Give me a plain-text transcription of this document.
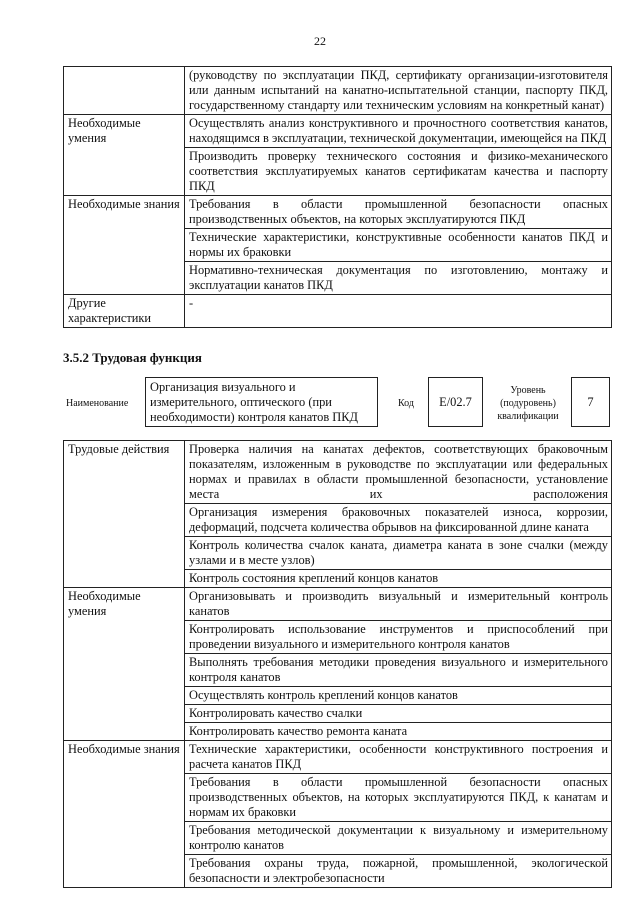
22
	(руководству по эксплуатации ПКД, сертификату организации-изготовителя или данным испытаний на канатно-испытательной станции, паспорту ПКД, государственному стандарту или техническим условиям на конкретный канат)
Необходимые умения	Осуществлять анализ конструктивного и прочностного соответствия канатов, находящимся в эксплуатации, технической документации, имеющейся на ПКД
	Производить проверку технического состояния и физико-механического соответствия эксплуатируемых канатов сертификатам качества и паспорту ПКД
Необходимые знания	Требования в области промышленной безопасности опасных производственных объектов, на которых эксплуатируются ПКД
	Технические характеристики, конструктивные особенности канатов ПКД и нормы их браковки
	Нормативно-техническая документация по изготовлению, монтажу и эксплуатации канатов ПКД
Другие характеристики	-
3.5.2 Трудовая функция
Наименование
Организация визуального и измерительного, оптического (при необходимости) контроля канатов ПКД
Код	E/02.7
Уровень (подуровень) квалификации
7
Трудовые действия	Проверка наличия на канатах дефектов, соответствующих браковочным показателям, изложенным в руководстве по эксплуатации или федеральных нормах и правилах в области промышленной безопасности, установление места их расположения
	Организация измерения браковочных показателей износа, коррозии, деформаций, подсчета количества обрывов на фиксированной длине каната
	Контроль количества счалок каната, диаметра каната в зоне счалки (между узлами и в месте узлов)
	Контроль состояния креплений концов канатов
Необходимые умения	Организовывать и производить визуальный и измерительный контроль канатов
	Контролировать использование инструментов и приспособлений при проведении визуального и измерительного контроля канатов
	Выполнять требования методики проведения визуального и измерительного контроля канатов
	Осуществлять контроль креплений концов канатов
	Контролировать качество счалки
	Контролировать качество ремонта каната
Необходимые знания	Технические характеристики, особенности конструктивного построения и расчета канатов ПКД
	Требования в области промышленной безопасности опасных производственных объектов, на которых эксплуатируются ПКД, к канатам и нормам их браковки
	Требования методической документации к визуальному и измерительному контролю канатов
	Требования охраны труда, пожарной, промышленной, экологической безопасности и электробезопасности
